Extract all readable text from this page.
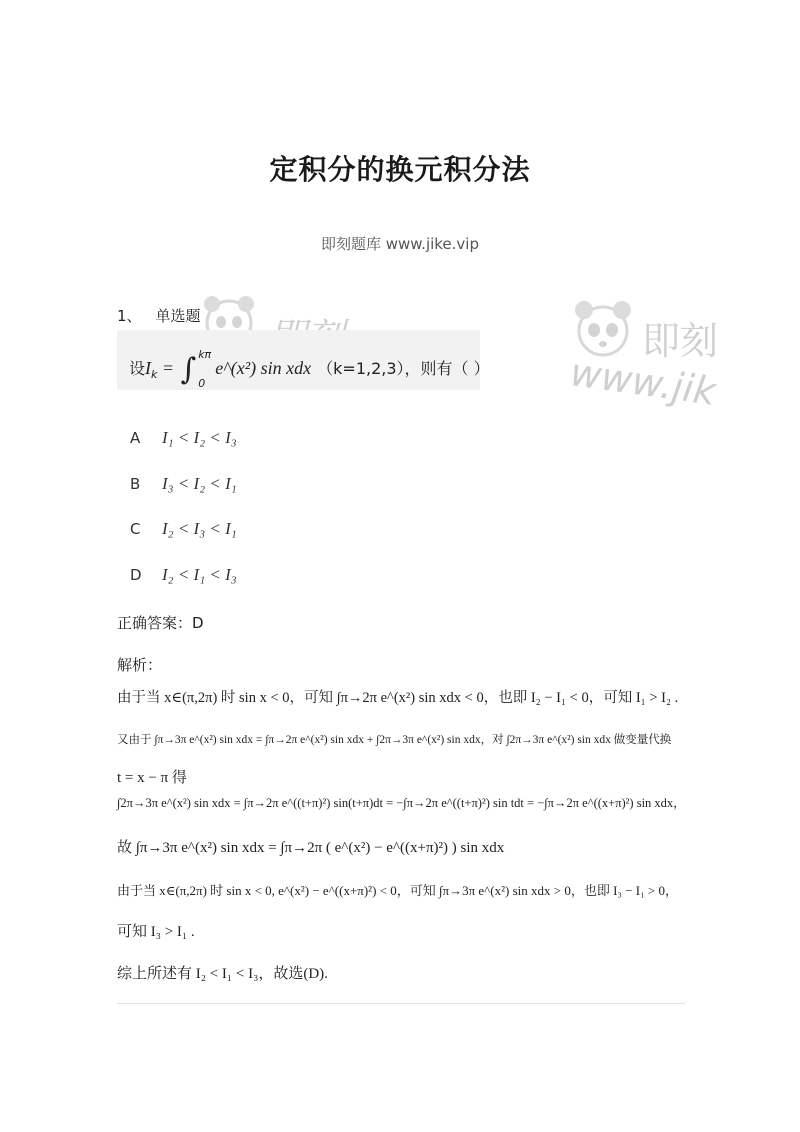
即刻
www.jik
定积分的换元积分法
即刻题库 www.jike.vip
1、 单选题
设$I_k$ = ∫ kπ
0
e^(x²) sin xdx （k=1,2,3），则有（ ）
A I₁ < I₂ < I₃
B I₃ < I₂ < I₁
C I₂ < I₃ < I₁
D I₂ < I₁ < I₃
正确答案：D
解析：
由于当 x∈(π,2π) 时 sin x < 0，可知 ∫π→2π e^(x²) sin xdx < 0，也即 I₂ − I₁ < 0，可知 I₁ > I₂ .
又由于 ∫π→3π e^(x²) sin xdx = ∫π→2π e^(x²) sin xdx + ∫2π→3π e^(x²) sin xdx，对 ∫2π→3π e^(x²) sin xdx 做变量代换
t = x − π 得
∫2π→3π e^(x²) sin xdx = ∫π→2π e^((t+π)²) sin(t+π)dt = −∫π→2π e^((t+π)²) sin tdt = −∫π→2π e^((x+π)²) sin xdx，
故 ∫π→3π e^(x²) sin xdx = ∫π→2π ( e^(x²) − e^((x+π)²) ) sin xdx
由于当 x∈(π,2π) 时 sin x < 0, e^(x²) − e^((x+π)²) < 0，可知 ∫π→3π e^(x²) sin xdx > 0，也即 I₃ − I₁ > 0，
可知 I₃ > I₁ .
综上所述有 I₂ < I₁ < I₃，故选(D).
